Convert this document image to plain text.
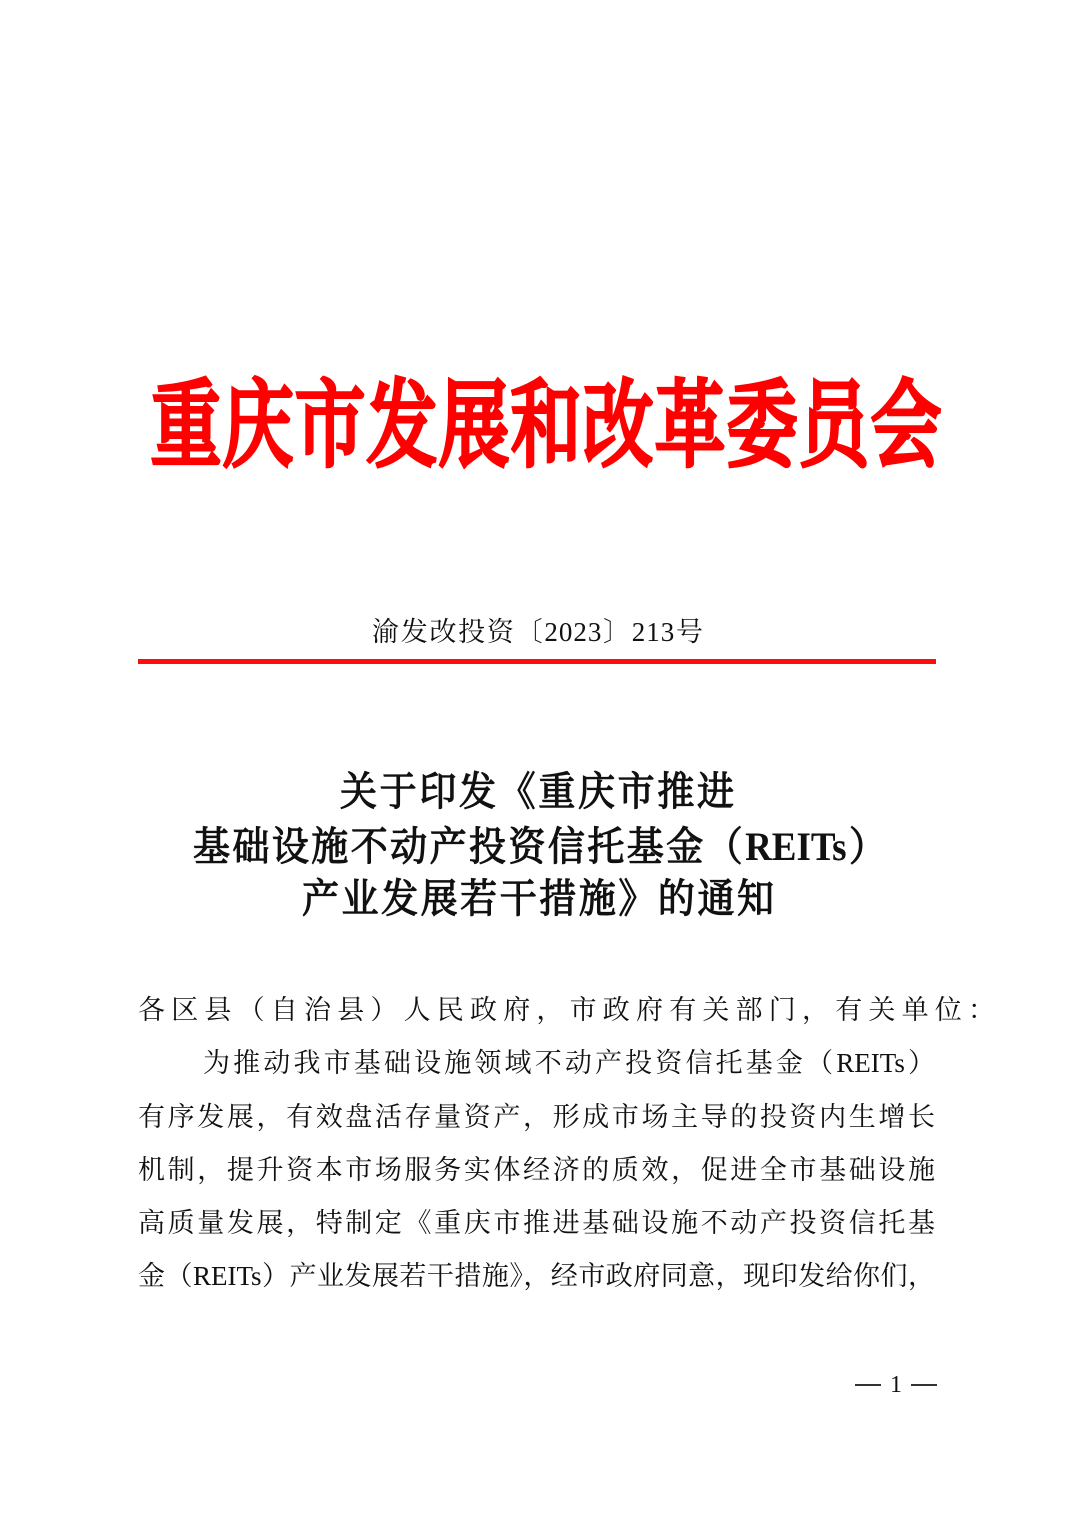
重 庆 市 发 展 和 改 革 委 员 会
渝发改投资〔2023〕213号
关于印发《重庆市推进
基础设施不动产投资信托基金（REITs）
产业发展若干措施》的通知
各区县（自治县）人民政府，市政府有关部门，有关单位：
为推动我市基础设施领域不动产投资信托基金（REITs）
有序发展，有效盘活存量资产，形成市场主导的投资内生增长
机制，提升资本市场服务实体经济的质效，促进全市基础设施
高质量发展，特制定《重庆市推进基础设施不动产投资信托基
金（REITs）产业发展若干措施》，经市政府同意，现印发给你们，
1
